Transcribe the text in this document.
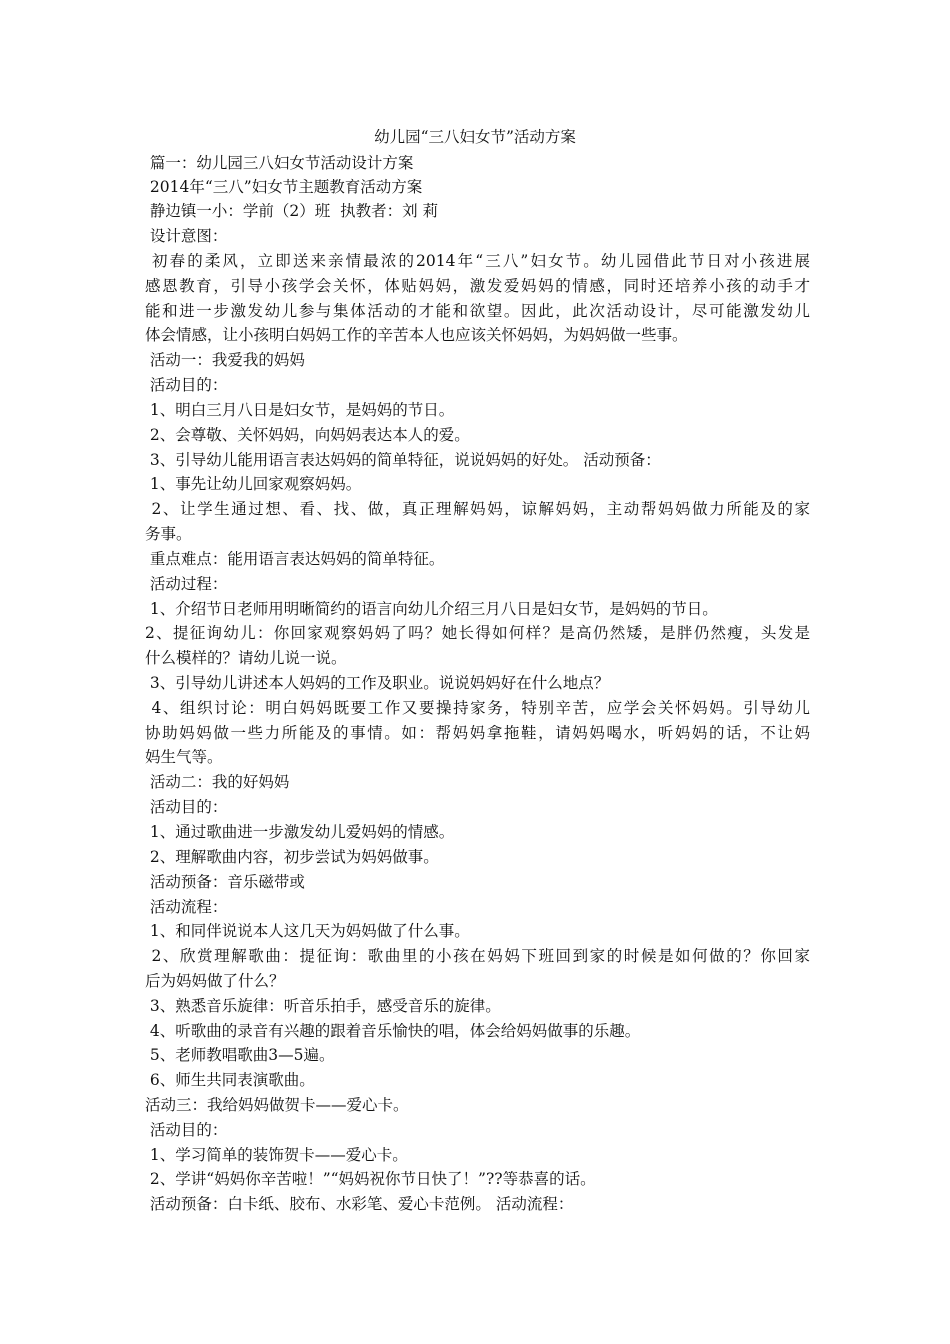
幼儿园“三八妇女节”活动方案
篇一：幼儿园三八妇女节活动设计方案
2014年“三八”妇女节主题教育活动方案
静边镇一小：学前（2）班  执教者：刘 莉
设计意图：
初春的柔风，立即送来亲情最浓的2014年“三八”妇女节。幼儿园借此节日对小孩进展
感恩教育，引导小孩学会关怀，体贴妈妈，激发爱妈妈的情感，同时还培养小孩的动手才
能和进一步激发幼儿参与集体活动的才能和欲望。因此，此次活动设计，尽可能激发幼儿
体会情感，让小孩明白妈妈工作的辛苦本人也应该关怀妈妈，为妈妈做一些事。
活动一：我爱我的妈妈
活动目的：
1、明白三月八日是妇女节，是妈妈的节日。
2、会尊敬、关怀妈妈，向妈妈表达本人的爱。
3、引导幼儿能用语言表达妈妈的简单特征，说说妈妈的好处。 活动预备：
1、事先让幼儿回家观察妈妈。
2、让学生通过想、看、找、做，真正理解妈妈，谅解妈妈，主动帮妈妈做力所能及的家
务事。
重点难点：能用语言表达妈妈的简单特征。
活动过程：
1、介绍节日老师用明晰简约的语言向幼儿介绍三月八日是妇女节，是妈妈的节日。
2、提征询幼儿：你回家观察妈妈了吗？她长得如何样？是高仍然矮，是胖仍然瘦，头发是
什么模样的？请幼儿说一说。
3、引导幼儿讲述本人妈妈的工作及职业。说说妈妈好在什么地点？
4、组织讨论：明白妈妈既要工作又要操持家务，特别辛苦，应学会关怀妈妈。引导幼儿
协助妈妈做一些力所能及的事情。如：帮妈妈拿拖鞋，请妈妈喝水，听妈妈的话，不让妈
妈生气等。
活动二：我的好妈妈
活动目的：
1、通过歌曲进一步激发幼儿爱妈妈的情感。
2、理解歌曲内容，初步尝试为妈妈做事。
活动预备：音乐磁带或
活动流程：
1、和同伴说说本人这几天为妈妈做了什么事。
2、欣赏理解歌曲：提征询：歌曲里的小孩在妈妈下班回到家的时候是如何做的？你回家
后为妈妈做了什么？
3、熟悉音乐旋律：听音乐拍手，感受音乐的旋律。
4、听歌曲的录音有兴趣的跟着音乐愉快的唱，体会给妈妈做事的乐趣。
5、老师教唱歌曲3—5遍。
6、师生共同表演歌曲。
活动三：我给妈妈做贺卡——爱心卡。
活动目的：
1、学习简单的装饰贺卡——爱心卡。
2、学讲“妈妈你辛苦啦！”“妈妈祝你节日快了！”??等恭喜的话。
活动预备：白卡纸、胶布、水彩笔、爱心卡范例。 活动流程：
